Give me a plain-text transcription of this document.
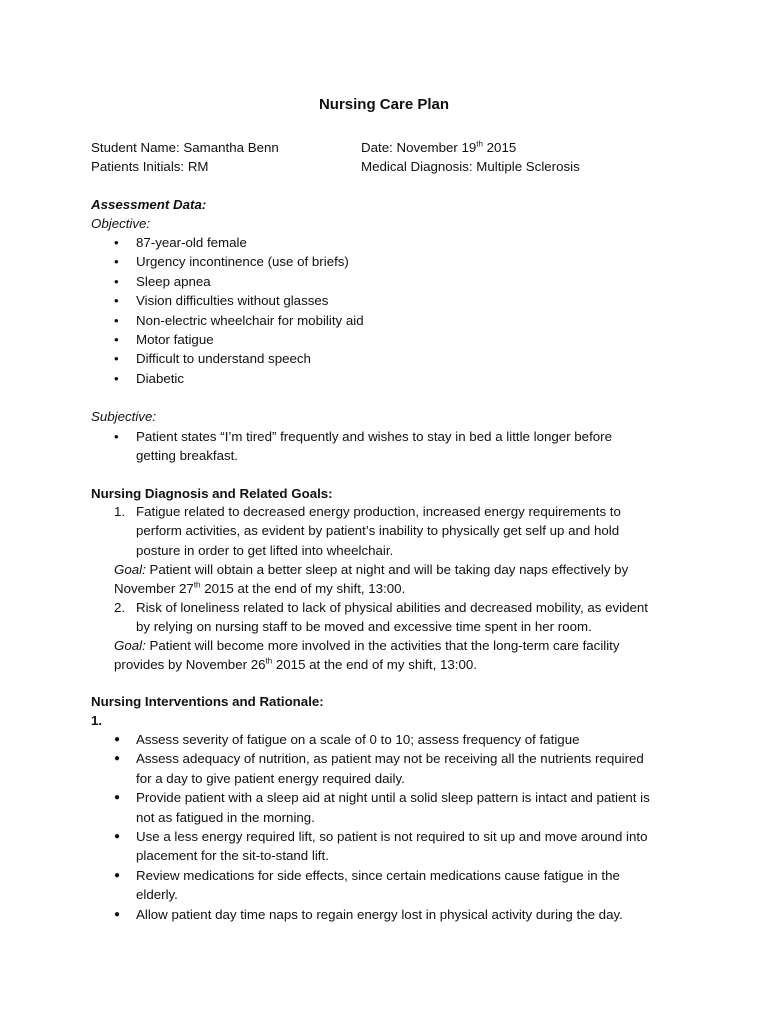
Nursing Care Plan
Student Name: Samantha Benn
Patients Initials: RM
Date: November 19th 2015
Medical Diagnosis: Multiple Sclerosis
Assessment Data:
Objective:
• 87-year-old female
• Urgency incontinence (use of briefs)
• Sleep apnea
• Vision difficulties without glasses
• Non-electric wheelchair for mobility aid
• Motor fatigue
• Difficult to understand speech
• Diabetic
Subjective:
• Patient states “I’m tired” frequently and wishes to stay in bed a little longer before
getting breakfast.
Nursing Diagnosis and Related Goals:
1. Fatigue related to decreased energy production, increased energy requirements to
perform activities, as evident by patient’s inability to physically get self up and hold
posture in order to get lifted into wheelchair.
Goal: Patient will obtain a better sleep at night and will be taking day naps effectively by
November 27th 2015 at the end of my shift, 13:00.
2. Risk of loneliness related to lack of physical abilities and decreased mobility, as evident
by relying on nursing staff to be moved and excessive time spent in her room.
Goal: Patient will become more involved in the activities that the long-term care facility
provides by November 26th 2015 at the end of my shift, 13:00.
Nursing Interventions and Rationale:
1.
● Assess severity of fatigue on a scale of 0 to 10; assess frequency of fatigue
● Assess adequacy of nutrition, as patient may not be receiving all the nutrients required
for a day to give patient energy required daily.
● Provide patient with a sleep aid at night until a solid sleep pattern is intact and patient is
not as fatigued in the morning.
● Use a less energy required lift, so patient is not required to sit up and move around into
placement for the sit-to-stand lift.
● Review medications for side effects, since certain medications cause fatigue in the
elderly.
● Allow patient day time naps to regain energy lost in physical activity during the day.
